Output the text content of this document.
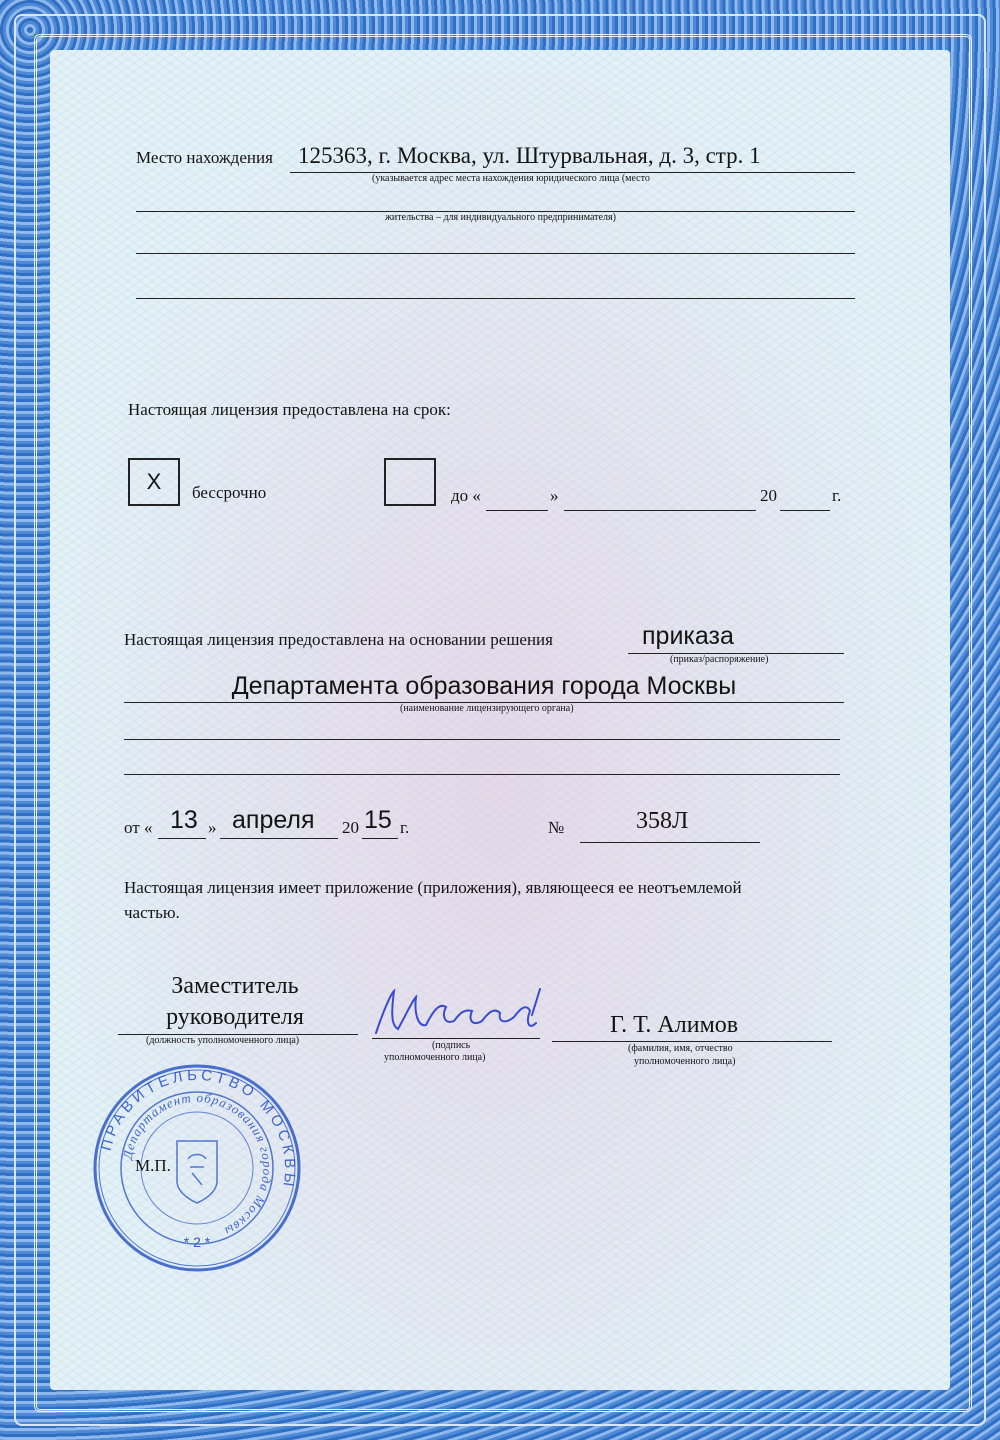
Место нахождения 125363, г. Москва, ул. Штурвальная, д. 3, стр. 1
(указывается адрес места нахождения юридического лица (место
жительства – для индивидуального предпринимателя)
Настоящая лицензия предоставлена на срок:
Х	бессрочно	до «	»	20	г.
Настоящая лицензия предоставлена на основании решения	приказа
(приказ/распоряжение)
Департамента образования города Москвы
(наименование лицензирующего органа)
от « 13 » апреля 20 15 г.	№	358Л
Настоящая лицензия имеет приложение (приложения), являющееся ее неотъемлемой
частью.
Заместитель
руководителя
(должность уполномоченного лица)	(подпись
уполномоченного лица)
Г. Т. Алимов
(фамилия, имя, отчество
уполномоченного лица)
ПРАВИТЕЛЬСТВО МОСКВЫ
Департамент образования города Москвы
* 2 *
М.П.
